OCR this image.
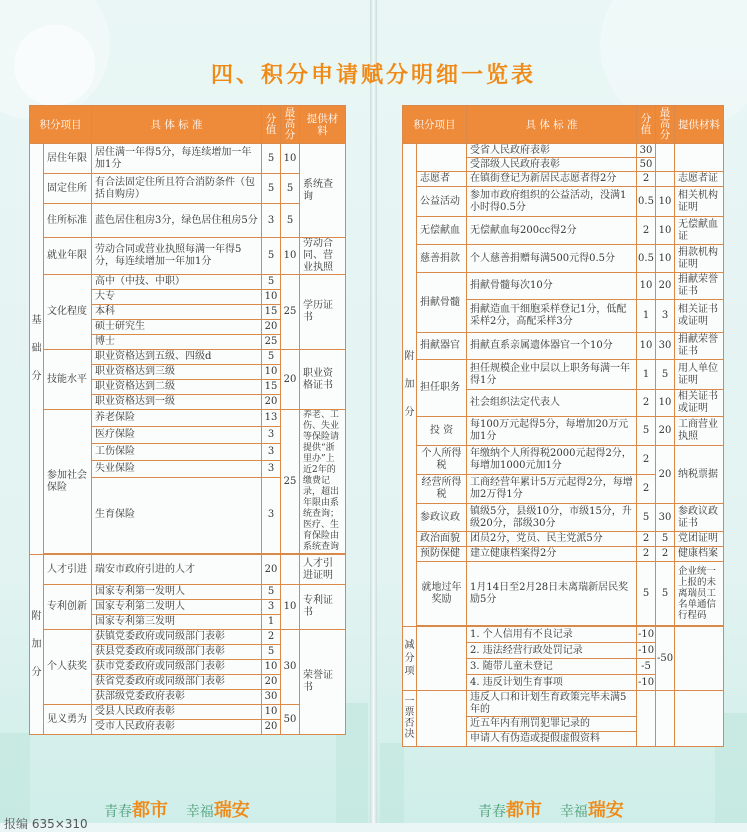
⬤	四、积分申请赋分明细一览表
积分项目		具 体 标 准	分 值	最 高 分	提供材料
基础分	居住年限	居住满一年得5分，每连续增加一年加1分	5	10	系统查询
	固定住所	有合法固定住所且符合消防条件（包括自购房）	5	5	
	住所标准	蓝色居住租房3分，绿色居住租房5分	3	5	
	就业年限	劳动合同或营业执照每满一年得5分，每连续增加一年加1分	5	10	劳动合同、营业执照
	文化程度	高中（中技、中职）	5	25	学历证书
		大专	10		
		本科	15		
		硕士研究生	20		
		博士	25		
	技能水平	职业资格达到五级、四级d	5	20	职业资格证书
		职业资格达到三级	10		
		职业资格达到二级	15		
		职业资格达到一级	20		
	参加社会保险	养老保险	13	25	养老、工伤、失业等保险请提供“浙里办”上近2年的缴费记录，超出年限由系统查询；医疗、生育保险由系统查询
		医疗保险	3		
		工伤保险	3		
		失业保险	3		
		生育保险	3		

附加分	人才引进	瑞安市政府引进的人才	20		人才引进证明
	专利创新	国家专利第一发明人	5	10	专利证书
		国家专利第二发明人	3		
		国家专利第三发明	1		
	个人获奖	获镇党委政府或同级部门表彰	2	30	荣誉证书
		获县党委政府或同级部门表彰	5		
		获市党委政府或同级部门表彰	10		
		获省党委政府或同级部门表彰	20		
		获部级党委政府表彰	30		
	见义勇为	受县人民政府表彰	10	50	
		受市人民政府表彰	20		
积分项目		具 体 标 准	分 值	最 高 分	提供材料
附加分		受省人民政府表彰	30		
		受部级人民政府表彰	50		
	志愿者	在镇街登记为新居民志愿者得2分	2		志愿者证
	公益活动	参加市政府组织的公益活动，没满1小时得0.5分	0.5	10	相关机构证明
	无偿献血	无偿献血每200cc得2分	2	10	无偿献血证
	慈善捐款	个人慈善捐赠每满500元得0.5分	0.5	10	捐款机构证明
	捐献骨髓	捐献骨髓每次10分	10	20	捐献荣誉证书
		捐献造血干细胞采样登记1分，低配采样2分，高配采样3分	1	3	相关证书或证明
	捐献器官	捐献直系亲属遗体器官一个10分	10	30	捐献荣誉证书
	担任职务	担任规模企业中层以上职务每满一年得1分	1	5	用人单位证明
		社会组织法定代表人	2	10	相关证书或证明
	投 资	每100万元起得5分，每增加20万元加1分	5	20	工商营业执照
	个人所得税	年缴纳个人所得税2000元起得2分，每增加1000元加1分	2	20	纳税票据
	经营所得税	工商经营年累计5万元起得2分，每增加2万得1分	2		
	参政议政	镇级5分，县级10分，市级15分，升级20分，部级30分	5	30	参政议政证书
	政治面貌	团员2分，党员、民主党派5分	2	5	党团证明
	预防保健	建立健康档案得2分	2	2	健康档案
	就地过年奖励	1月14日至2月28日未离瑞新居民奖励5分	5	5	企业统一上报的未离瑞员工名单通信行程码

减分项		1. 个人信用有不良记录	-10	-50	
		2. 违法经营行政处罚记录	-10		
		3. 随带儿童未登记	-5		
		4. 违反计划生育事项	-10		
一票否决		违反人口和计划生育政策完毕未满5年的			
		近五年内有刑罚犯罪记录的			
		申请人有伪造或提假虚假资料			
青春都市 幸福瑞安	青春都市 幸福瑞安
报编 635×310
